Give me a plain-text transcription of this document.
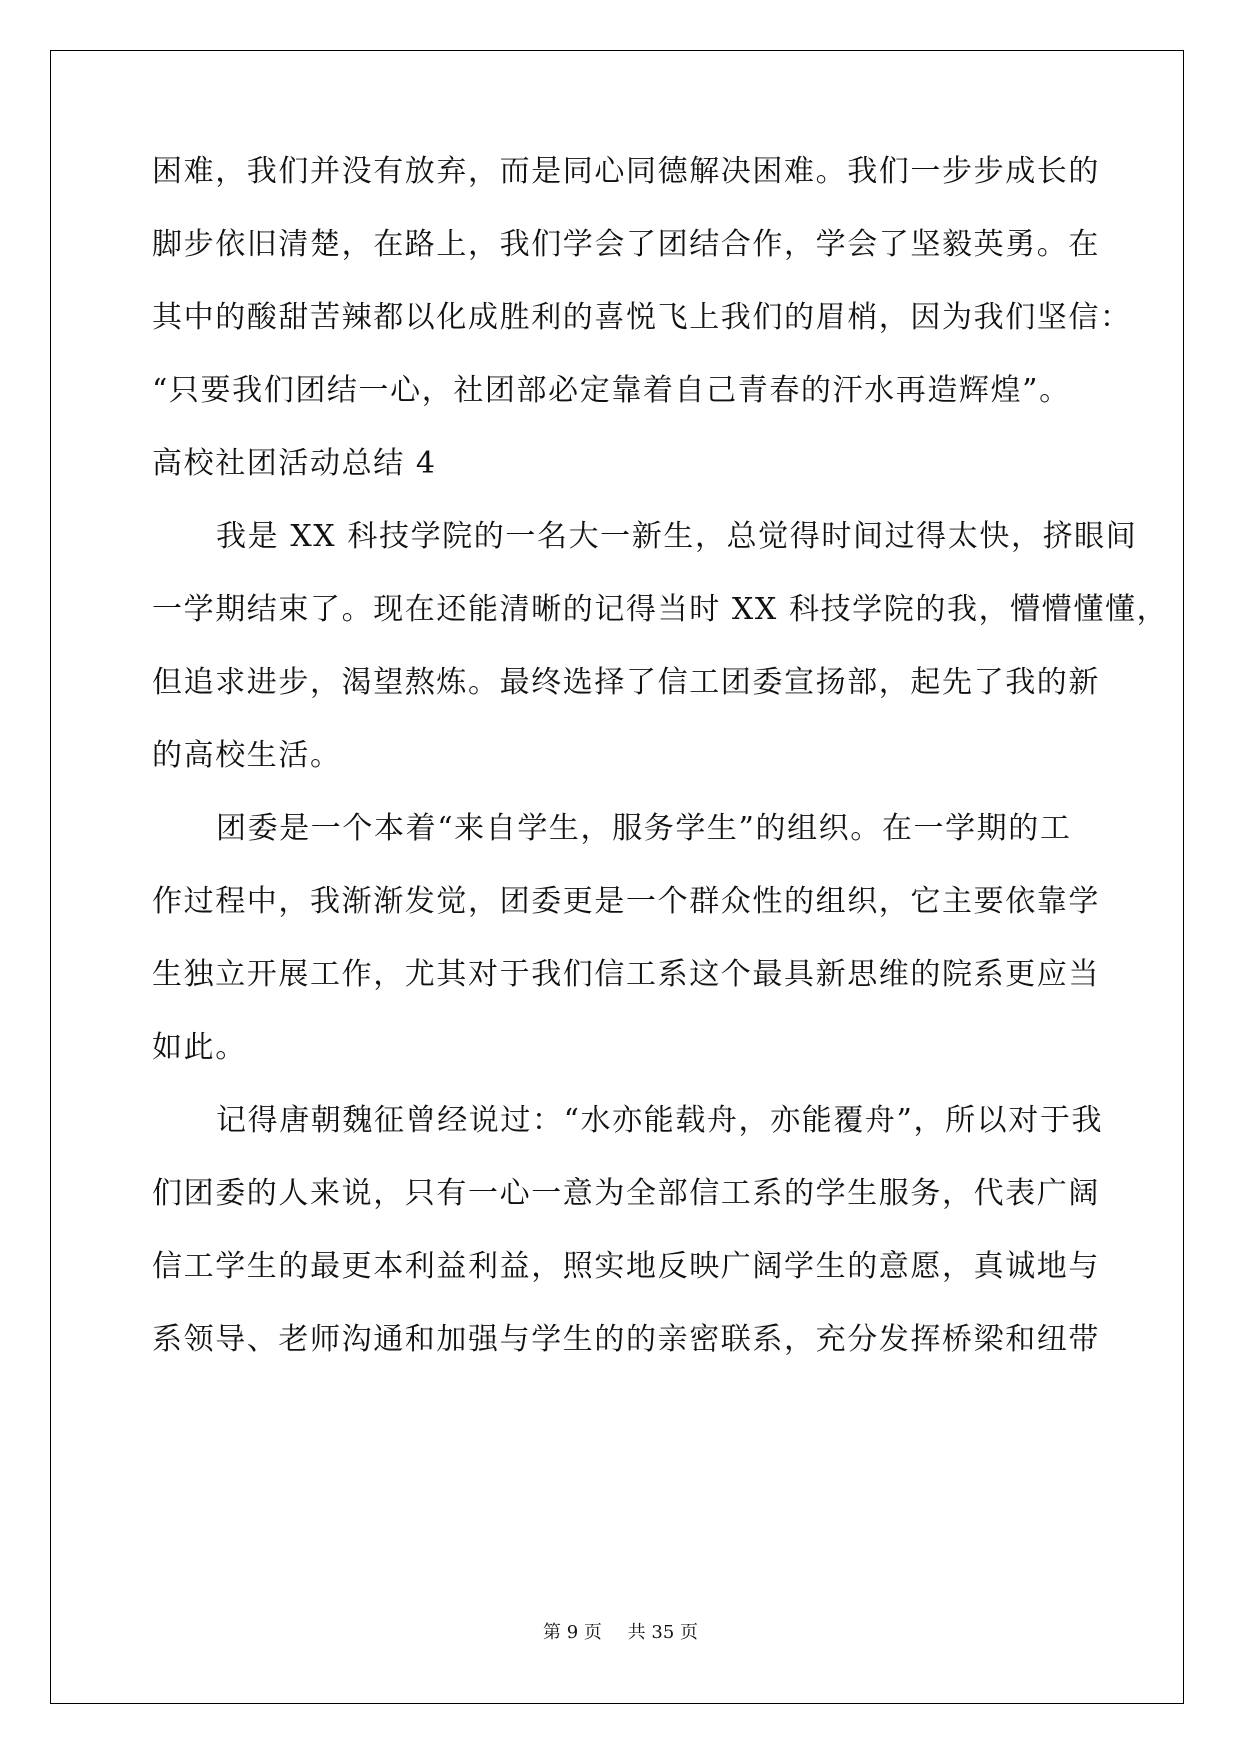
困难，我们并没有放弃，而是同心同德解决困难。我们一步步成长的
脚步依旧清楚，在路上，我们学会了团结合作，学会了坚毅英勇。在
其中的酸甜苦辣都以化成胜利的喜悦飞上我们的眉梢，因为我们坚信：
“只要我们团结一心，社团部必定靠着自己青春的汗水再造辉煌”。
高校社团活动总结 4
我是 XX 科技学院的一名大一新生，总觉得时间过得太快，挤眼间
一学期结束了。现在还能清晰的记得当时 XX 科技学院的我，懵懵懂懂，
但追求进步，渴望熬炼。最终选择了信工团委宣扬部，起先了我的新
的高校生活。
团委是一个本着“来自学生，服务学生”的组织。在一学期的工
作过程中，我渐渐发觉，团委更是一个群众性的组织，它主要依靠学
生独立开展工作，尤其对于我们信工系这个最具新思维的院系更应当
如此。
记得唐朝魏征曾经说过：“水亦能载舟，亦能覆舟”，所以对于我
们团委的人来说，只有一心一意为全部信工系的学生服务，代表广阔
信工学生的最更本利益利益，照实地反映广阔学生的意愿，真诚地与
系领导、老师沟通和加强与学生的的亲密联系，充分发挥桥梁和纽带
第 9 页 共 35 页
